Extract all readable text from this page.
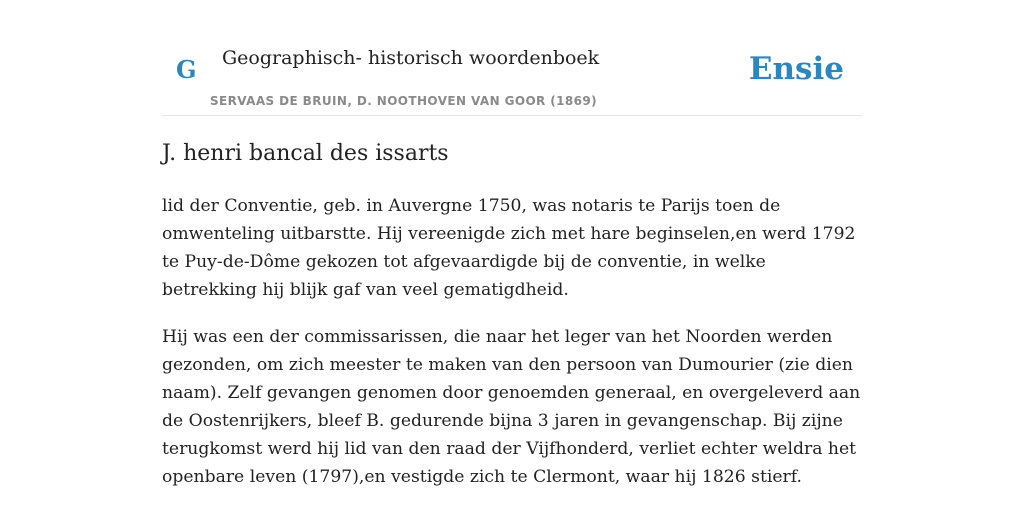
G Geographisch- historisch woordenboek
SERVAAS DE BRUIN, D. NOOTHOVEN VAN GOOR (1869)
Ensie
J. henri bancal des issarts

lid der Conventie, geb. in Auvergne 1750, was notaris te Parijs toen de omwenteling uitbarstte. Hij vereenigde zich met hare beginselen,en werd 1792 te Puy-de-Dôme gekozen tot afgevaardigde bij de conventie, in welke betrekking hij blijk gaf van veel gematigdheid.

Hij was een der commissarissen, die naar het leger van het Noorden werden gezonden, om zich meester te maken van den persoon van Dumourier (zie dien naam). Zelf gevangen genomen door genoemden generaal, en overgeleverd aan de Oostenrijkers, bleef B. gedurende bijna 3 jaren in gevangenschap. Bij zijne terugkomst werd hij lid van den raad der Vijfhonderd, verliet echter weldra het openbare leven (1797),en vestigde zich te Clermont, waar hij 1826 stierf.
